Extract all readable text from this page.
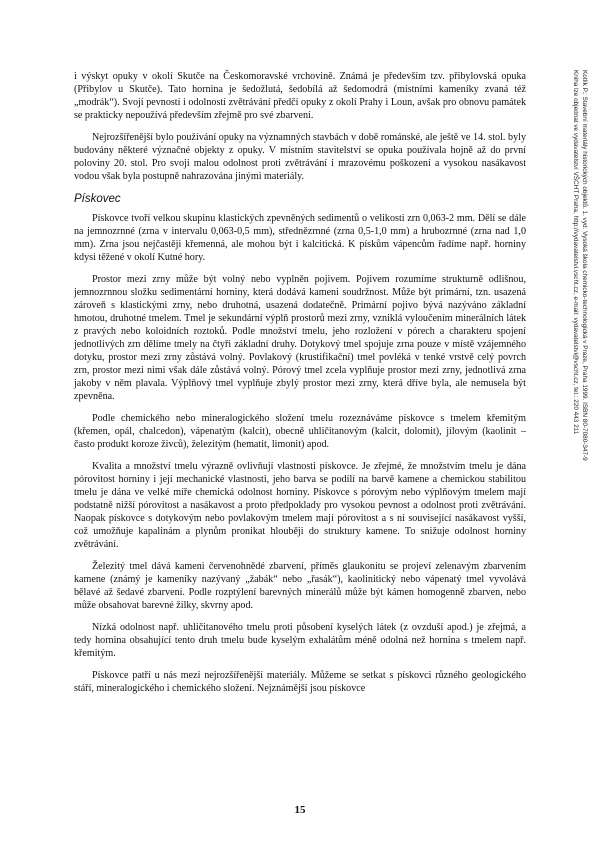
i výskyt opuky v okolí Skutče na Českomoravské vrchovině. Známá je především tzv. přibylovská opuka (Přibylov u Skutče). Tato hornina je šedožlutá, šedobílá až šedomodrá (místními kameníky zvaná též „modrák“). Svojí pevností i odolností zvětrávání předčí opuky z okolí Prahy i Loun, avšak pro obnovu památek se prakticky nepoužívá především zřejmě pro své zbarvení.

Nejrozšířenější bylo používání opuky na významných stavbách v době románské, ale ještě ve 14. stol. byly budovány některé význačné objekty z opuky. V místním stavitelství se opuka používala hojně až do první poloviny 20. stol. Pro svoji malou odolnost proti zvětrávání i mrazovému poškození a vysokou nasákavost vodou však byla postupně nahrazována jinými materiály.

Pískovec

Pískovce tvoří velkou skupinu klastických zpevněných sedimentů o velikosti zrn 0,063-2 mm. Dělí se dále na jemnozrnné (zrna v intervalu 0,063-0,5 mm), střednězrnné (zrna 0,5-1,0 mm) a hrubozrnné (zrna nad 1,0 mm). Zrna jsou nejčastěji křemenná, ale mohou být i kalcitická. K pískům vápencům řadíme např. horniny kdysi těžené v okolí Kutné hory.

Prostor mezi zrny může být volný nebo vyplněn pojivem. Pojivem rozumíme strukturně odlišnou, jemnozrnnou složku sedimentární horniny, která dodává kameni soudržnost. Může být primární, tzn. usazená zároveň s klastickými zrny, nebo druhotná, usazená dodatečně. Primární pojivo bývá nazýváno základní hmotou, druhotné tmelem. Tmel je sekundární výplň prostorů mezi zrny, vzniklá vyloučením minerálních látek z pravých nebo koloidních roztoků. Podle množství tmelu, jeho rozložení v pórech a charakteru spojení jednotlivých zrn dělíme tmely na čtyři základní druhy. Dotykový tmel spojuje zrna pouze v místě vzájemného dotyku, prostor mezi zrny zůstává volný. Povlakový (krustifikační) tmel povléká v tenké vrstvě celý povrch zrn, prostor mezi nimi však dále zůstává volný. Pórový tmel zcela vyplňuje prostor mezi zrny, jednotlivá zrna jakoby v něm plavala. Výplňový tmel vyplňuje zbylý prostor mezi zrny, která dříve byla, ale nemusela být zpevněna.

Podle chemického nebo mineralogického složení tmelu rozeznáváme pískovce s tmelem křemitým (křemen, opál, chalcedon), vápenatým (kalcit), obecně uhličitanovým (kalcit, dolomit), jílovým (kaolinit – často produkt koroze živců), železitým (hematit, limonit) apod.

Kvalita a množství tmelu výrazně ovlivňují vlastnosti pískovce. Je zřejmé, že množstvím tmelu je dána pórovitost horniny i její mechanické vlastnosti, jeho barva se podílí na barvě kamene a chemickou stabilitou tmelu je dána ve velké míře chemická odolnost horniny. Pískovce s pórovým nebo výplňovým tmelem mají podstatně nižší pórovitost a nasákavost a proto předpoklady pro vysokou pevnost a odolnost proti zvětrávání. Naopak pískovce s dotykovým nebo povlakovým tmelem mají pórovitost a s ní související nasákavost vyšší, což umožňuje kapalinám a plynům pronikat hlouběji do struktury kamene. To snižuje odolnost horniny zvětrávání.

Železitý tmel dává kameni červenohnědé zbarvení, příměs glaukonitu se projeví zelenavým zbarvením kamene (známý je kameníky nazývaný „žabák“ nebo „řasák“), kaolinitický nebo vápenatý tmel vyvolává bělavé až šedavé zbarvení. Podle rozptýlení barevných minerálů může být kámen homogenně zbarven, nebo může obsahovat barevné žilky, skvrny apod.

Nízká odolnost např. uhličitanového tmelu proti působení kyselých látek (z ovzduší apod.) je zřejmá, a tedy hornina obsahující tento druh tmelu bude kyselým exhalátům méně odolná než hornina s tmelem např. křemitým.

Pískovce patří u nás mezi nejrozšířenější materiály. Můžeme se setkat s pískovci různého geologického stáří, mineralogického i chemického složení. Nejznámější jsou pískovce

Kotlík P.: Stavební materiály historických objektů. 1. vyd. Vysoká škola chemicko-technologická v Praze, Praha 1999. ISBN 80-7080-347-9
Kniha lze objednat ve vydavatelství VŠCHT Praha, http://vydavatelstvi.vscht.cz, e-mail: vydavatelstvi@vscht.cz, tel.: 220 443 211
15
